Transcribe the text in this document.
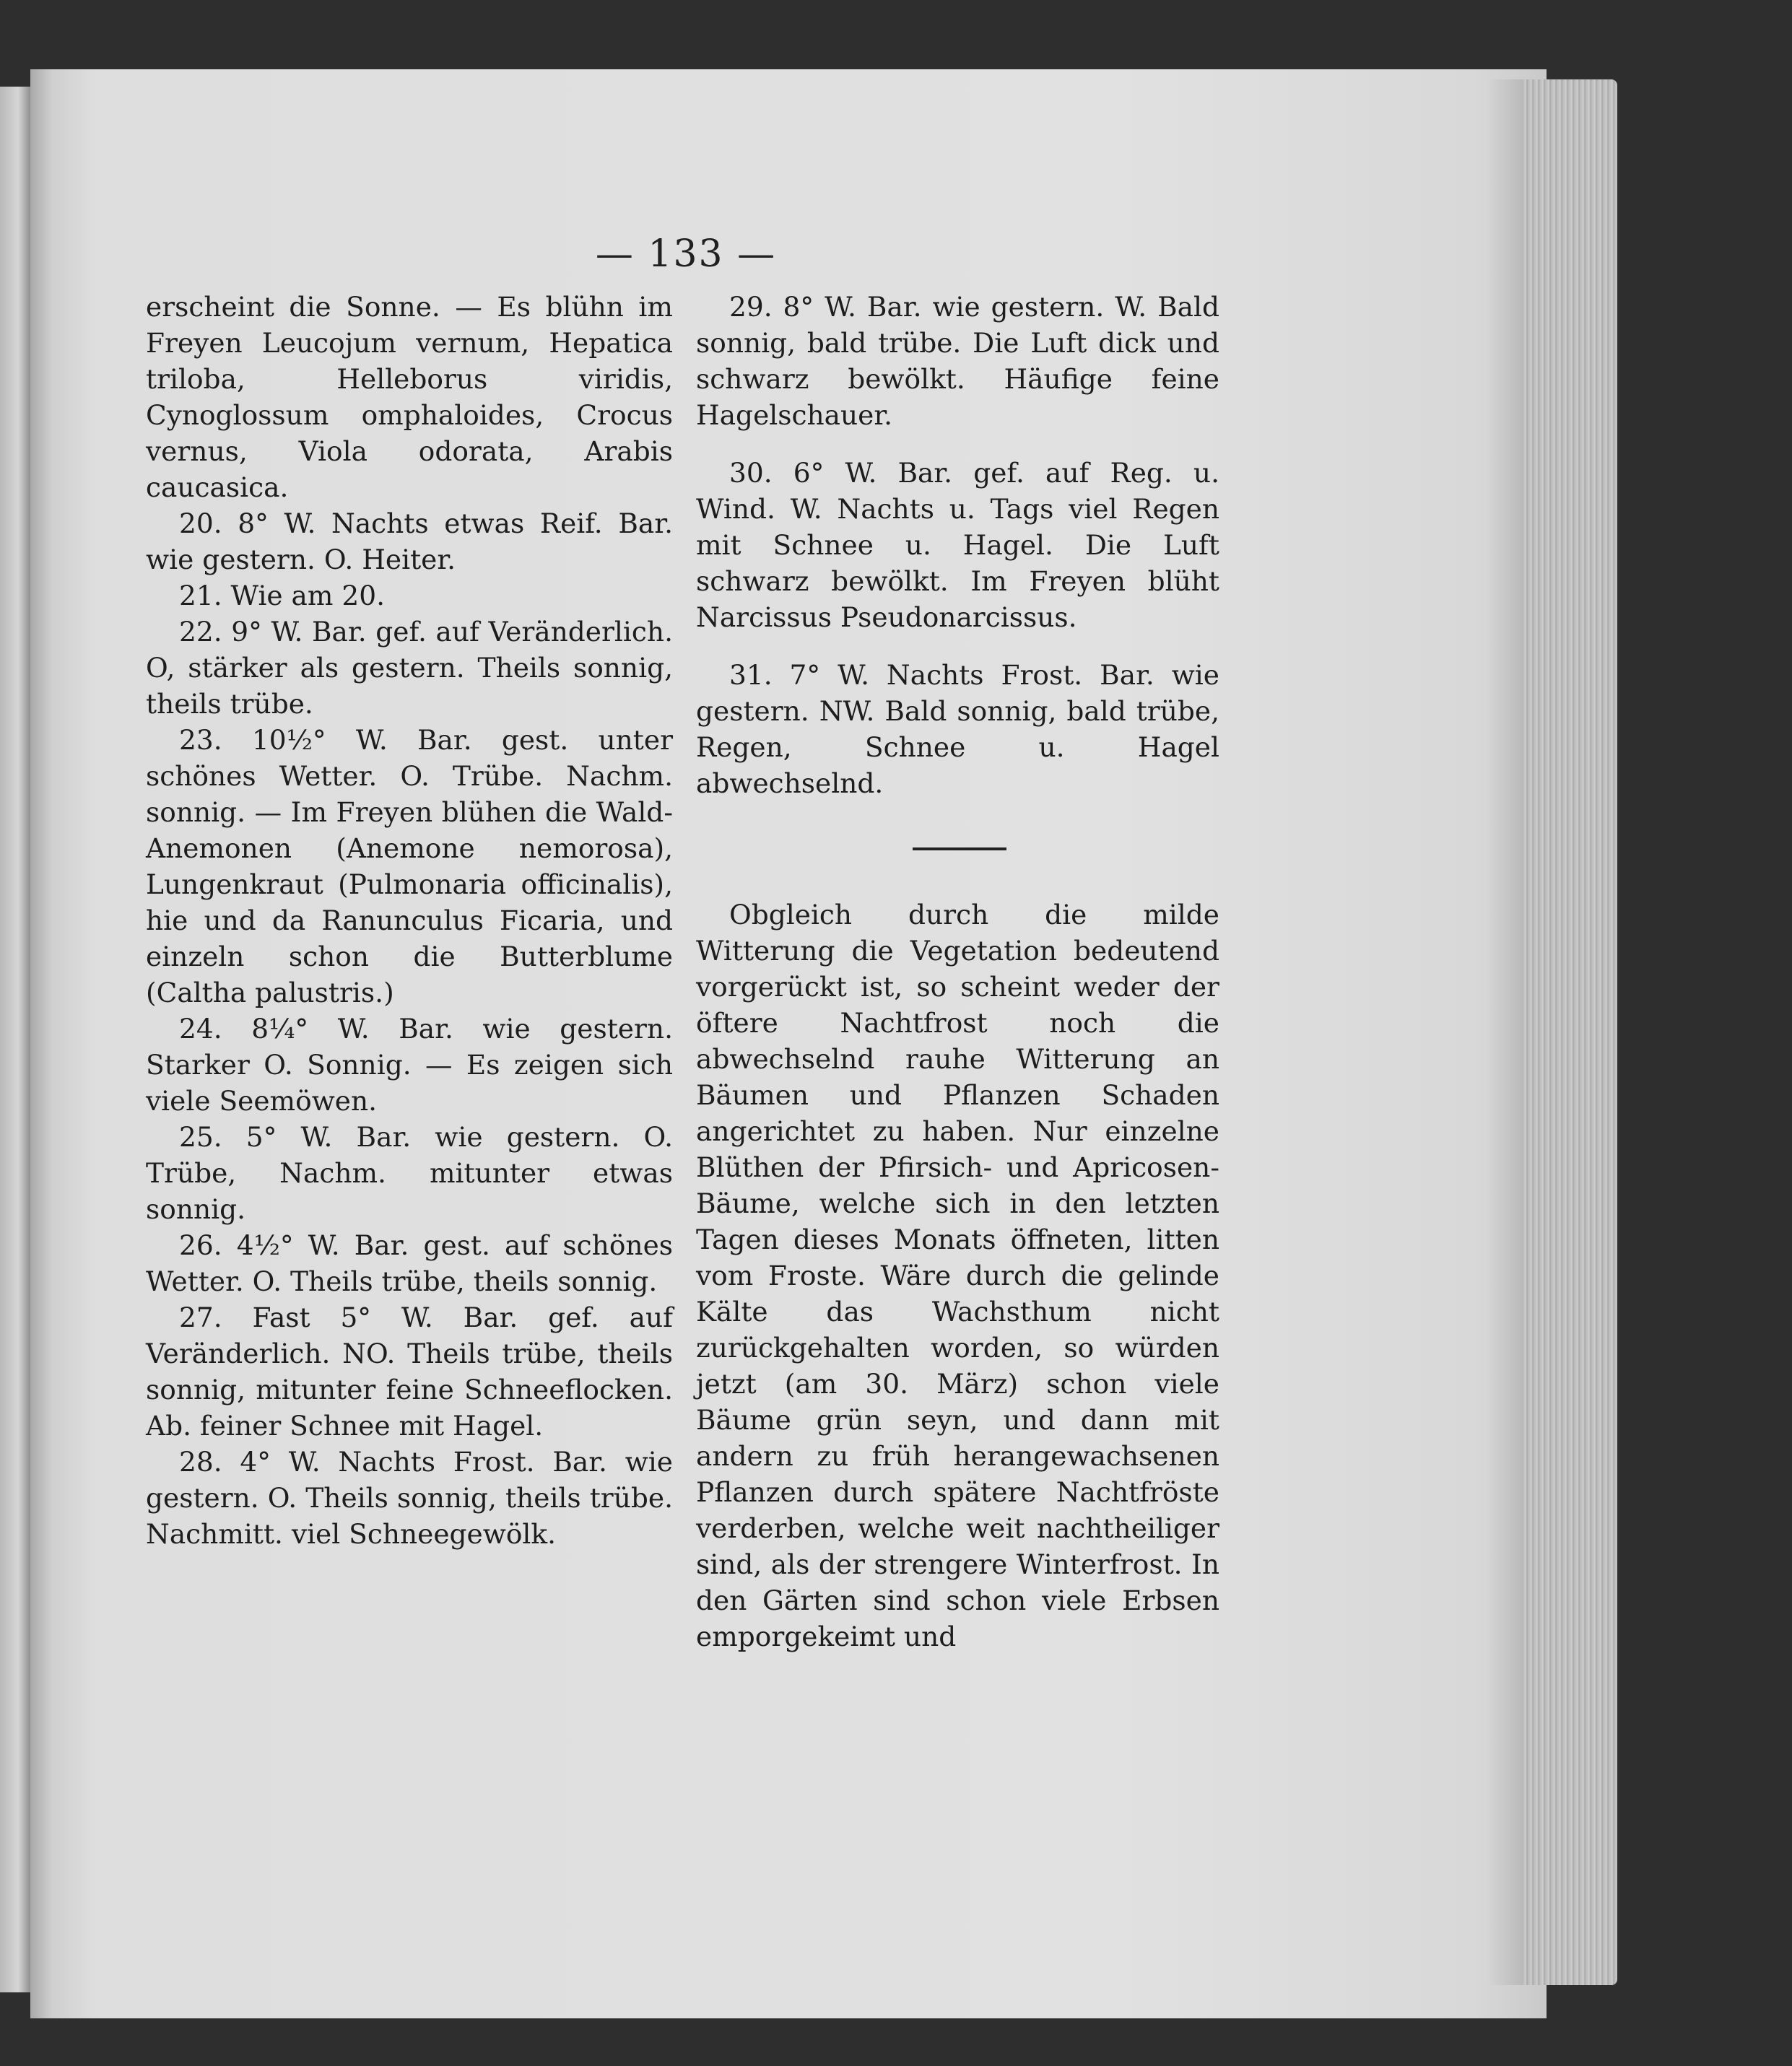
— 133 —

erscheint die Sonne. — Es blühn im Freyen Leucojum vernum, Hepatica triloba, Helleborus viridis, Cynoglossum omphaloides, Crocus vernus, Viola odorata, Arabis caucasica.

20. 8° W. Nachts etwas Reif. Bar. wie gestern. O. Heiter.

21. Wie am 20.

22. 9° W. Bar. gef. auf Veränderlich. O, stärker als gestern. Theils sonnig, theils trübe.

23. 10½° W. Bar. gest. unter schönes Wetter. O. Trübe. Nachm. sonnig. — Im Freyen blühen die Wald-Anemonen (Anemone nemorosa), Lungenkraut (Pulmonaria officinalis), hie und da Ranunculus Ficaria, und einzeln schon die Butterblume (Caltha palustris.)

24. 8¼° W. Bar. wie gestern. Starker O. Sonnig. — Es zeigen sich viele Seemöwen.

25. 5° W. Bar. wie gestern. O. Trübe, Nachm. mitunter etwas sonnig.

26. 4½° W. Bar. gest. auf schönes Wetter. O. Theils trübe, theils sonnig.

27. Fast 5° W. Bar. gef. auf Veränderlich. NO. Theils trübe, theils sonnig, mitunter feine Schneeflocken. Ab. feiner Schnee mit Hagel.

28. 4° W. Nachts Frost. Bar. wie gestern. O. Theils sonnig, theils trübe. Nachmitt. viel Schneegewölk.

29. 8° W. Bar. wie gestern. W. Bald sonnig, bald trübe. Die Luft dick und schwarz bewölkt. Häufige feine Hagelschauer.

30. 6° W. Bar. gef. auf Reg. u. Wind. W. Nachts u. Tags viel Regen mit Schnee u. Hagel. Die Luft schwarz bewölkt. Im Freyen blüht Narcissus Pseudonarcissus.

31. 7° W. Nachts Frost. Bar. wie gestern. NW. Bald sonnig, bald trübe, Regen, Schnee u. Hagel abwechselnd.

Obgleich durch die milde Witterung die Vegetation bedeutend vorgerückt ist, so scheint weder der öftere Nachtfrost noch die abwechselnd rauhe Witterung an Bäumen und Pflanzen Schaden angerichtet zu haben. Nur einzelne Blüthen der Pfirsich- und Apricosen-Bäume, welche sich in den letzten Tagen dieses Monats öffneten, litten vom Froste. Wäre durch die gelinde Kälte das Wachsthum nicht zurückgehalten worden, so würden jetzt (am 30. März) schon viele Bäume grün seyn, und dann mit andern zu früh herangewachsenen Pflanzen durch spätere Nachtfröste verderben, welche weit nachtheiliger sind, als der strengere Winterfrost. In den Gärten sind schon viele Erbsen emporgekeimt und
